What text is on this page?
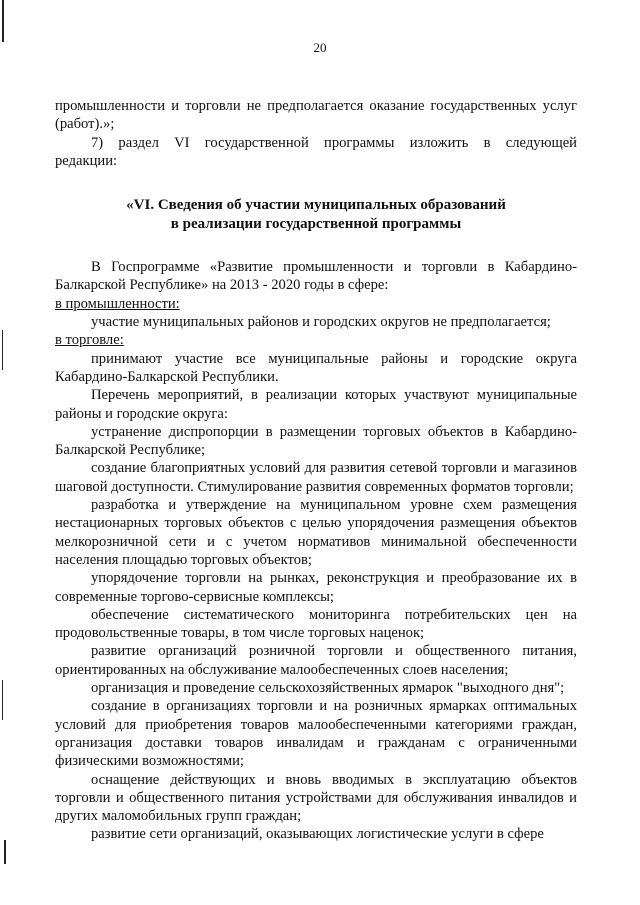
20

промышленности и торговли не предполагается оказание государственных услуг (работ).»;

7) раздел VI государственной программы изложить в следующей редакции:

«VI. Сведения об участии муниципальных образований
в реализации государственной программы

В Госпрограмме «Развитие промышленности и торговли в Кабардино-Балкарской Республике» на 2013 - 2020 годы в сфере:

в промышленности:

участие муниципальных районов и городских округов не предполагается;

в торговле:

принимают участие все муниципальные районы и городские округа Кабардино-Балкарской Республики.

Перечень мероприятий, в реализации которых участвуют муниципальные районы и городские округа:

устранение диспропорции в размещении торговых объектов в Кабардино-Балкарской Республике;

создание благоприятных условий для развития сетевой торговли и магазинов шаговой доступности. Стимулирование развития современных форматов торговли;

разработка и утверждение на муниципальном уровне схем размещения нестационарных торговых объектов с целью упорядочения размещения объектов мелкорозничной сети и с учетом нормативов минимальной обеспеченности населения площадью торговых объектов;

упорядочение торговли на рынках, реконструкция и преобразование их в современные торгово-сервисные комплексы;

обеспечение систематического мониторинга потребительских цен на продовольственные товары, в том числе торговых наценок;

развитие организаций розничной торговли и общественного питания, ориентированных на обслуживание малообеспеченных слоев населения;

организация и проведение сельскохозяйственных ярмарок "выходного дня";

создание в организациях торговли и на розничных ярмарках оптимальных условий для приобретения товаров малообеспеченными категориями граждан, организация доставки товаров инвалидам и гражданам с ограниченными физическими возможностями;

оснащение действующих и вновь вводимых в эксплуатацию объектов торговли и общественного питания устройствами для обслуживания инвалидов и других маломобильных групп граждан;

развитие сети организаций, оказывающих логистические услуги в сфере
